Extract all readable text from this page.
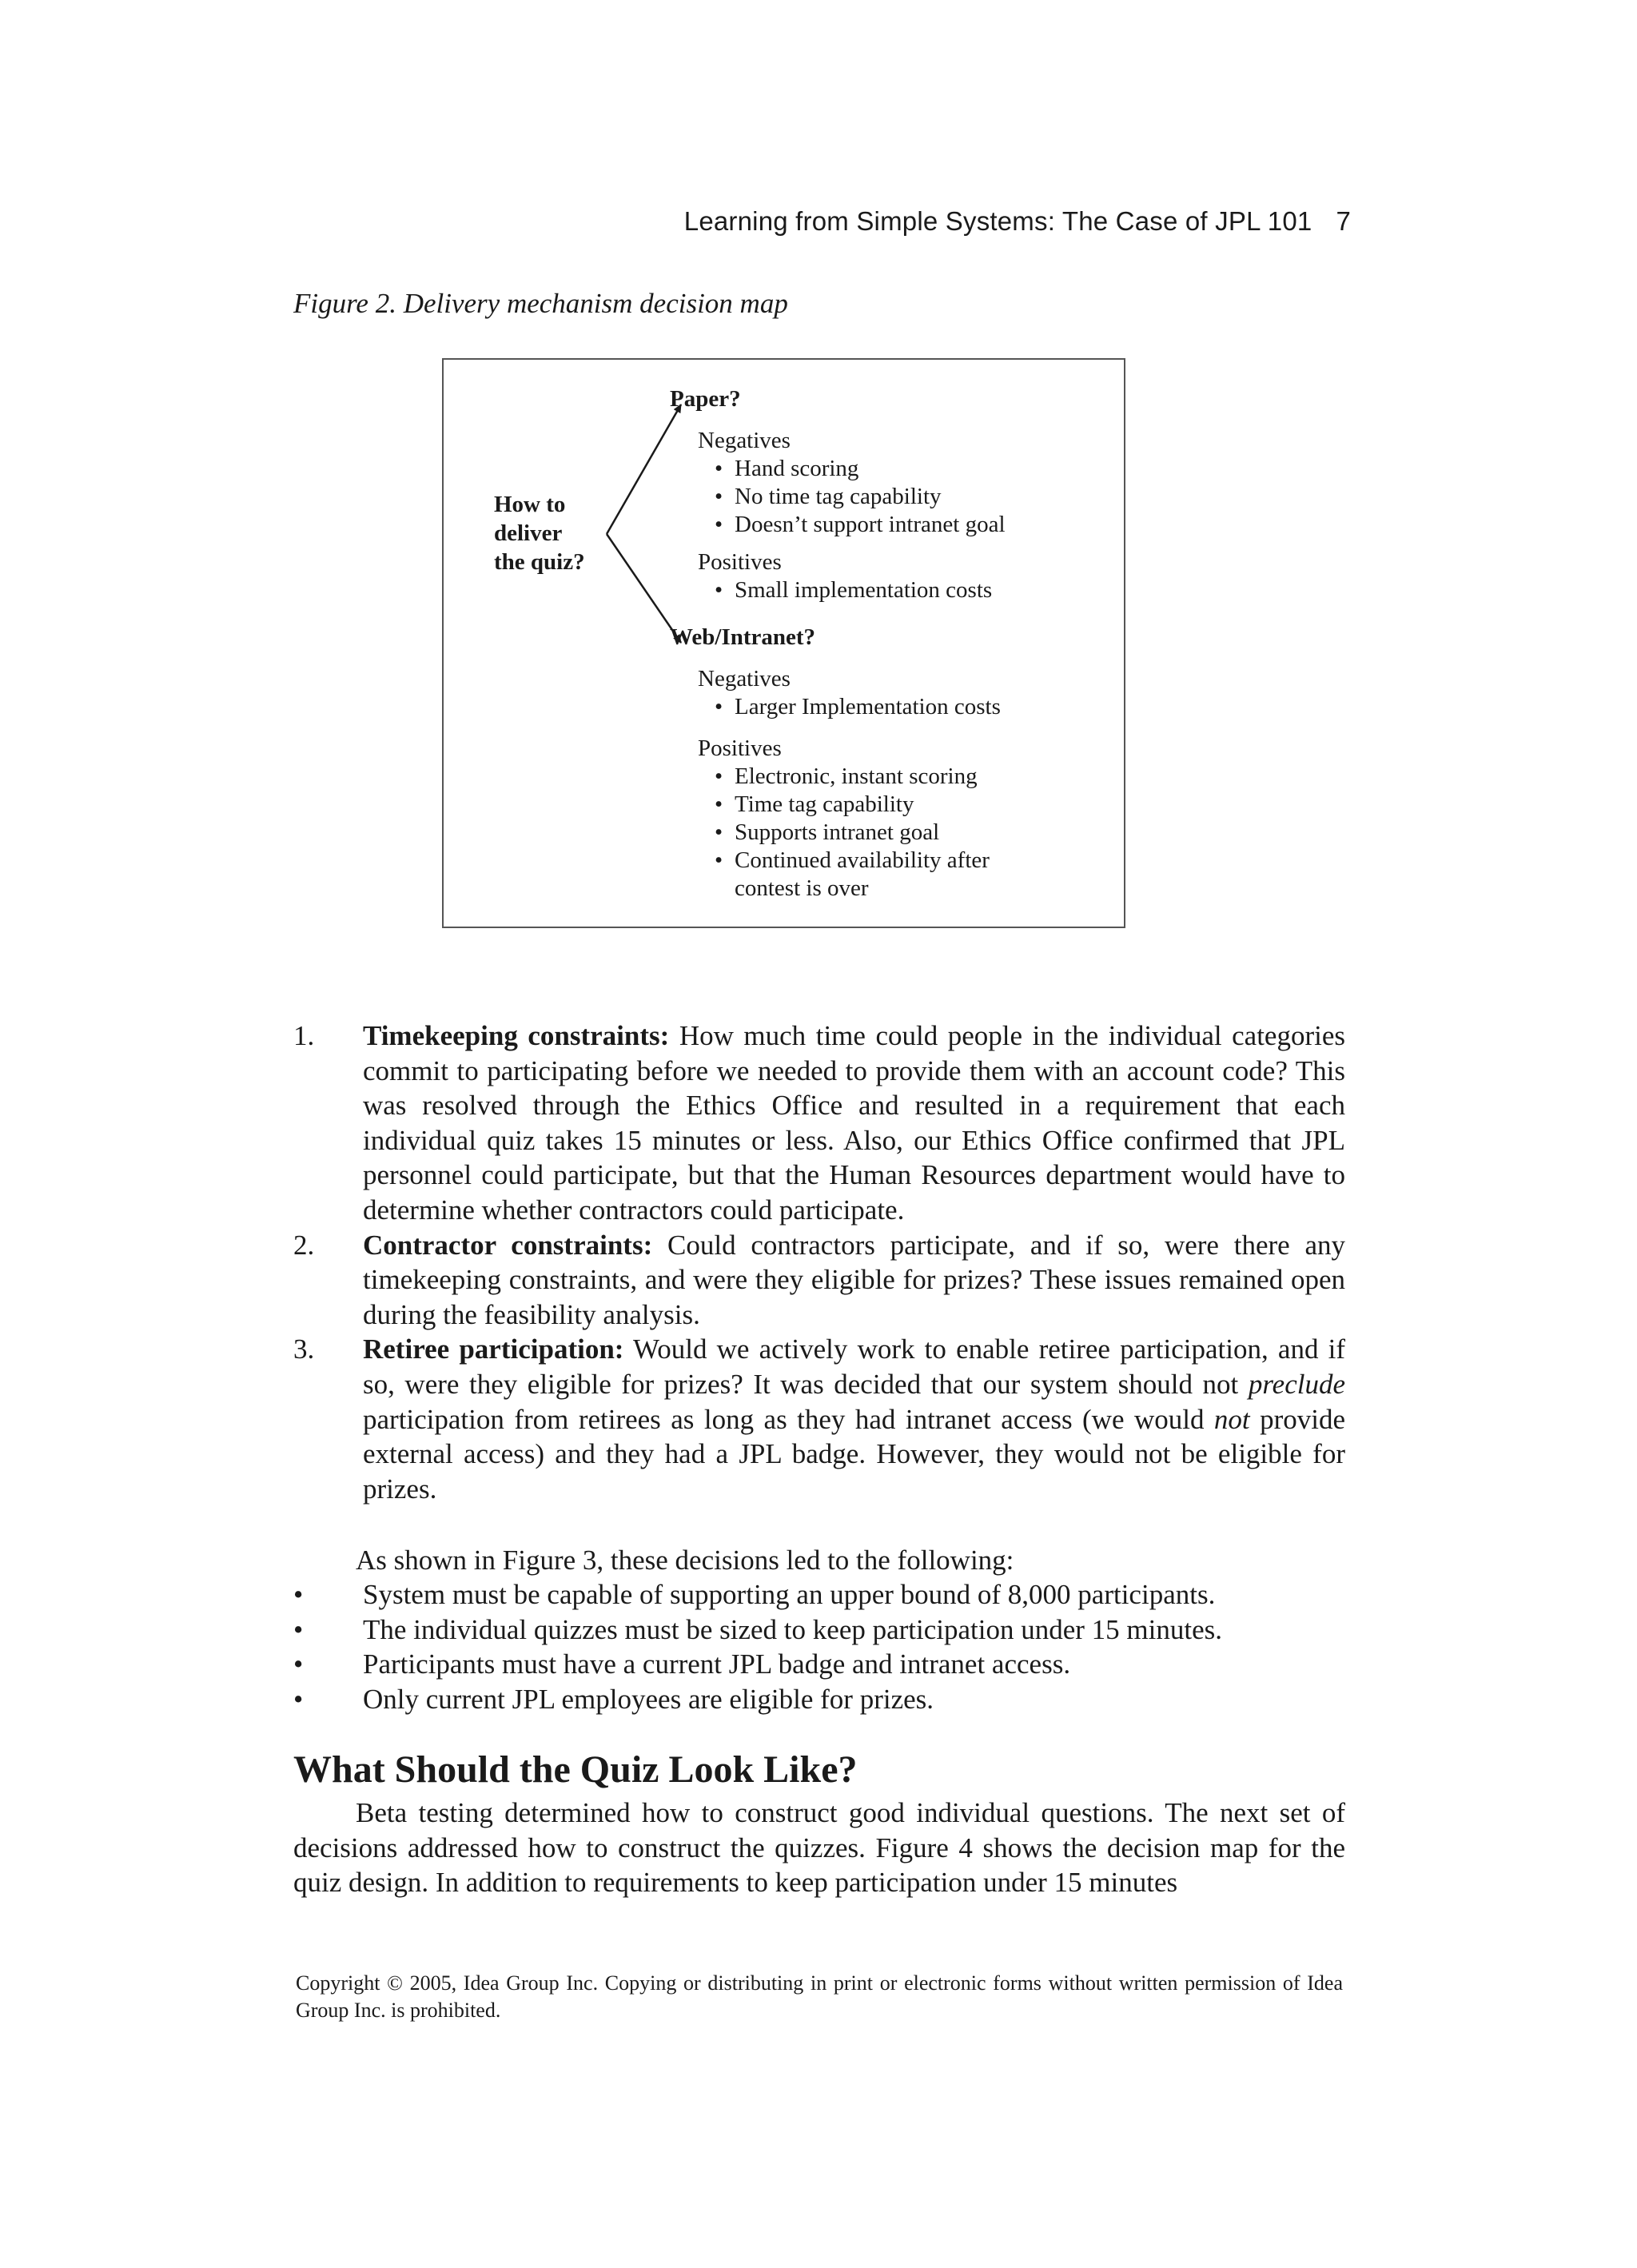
Learning from Simple Systems: The Case of JPL 101 7
Figure 2. Delivery mechanism decision map
How to
deliver
the quiz?
Paper?
Negatives
• Hand scoring
• No time tag capability
• Doesn’t support intranet goal
Positives
• Small implementation costs
Web/Intranet?
Negatives
• Larger Implementation costs
Positives
• Electronic, instant scoring
• Time tag capability
• Supports intranet goal
• Continued availability after
contest is over
1. Timekeeping constraints: How much time could people in the individual categories commit to participating before we needed to provide them with an account code? This was resolved through the Ethics Office and resulted in a requirement that each individual quiz takes 15 minutes or less. Also, our Ethics Office confirmed that JPL personnel could participate, but that the Human Resources department would have to determine whether contractors could participate.
2. Contractor constraints: Could contractors participate, and if so, were there any timekeeping constraints, and were they eligible for prizes? These issues remained open during the feasibility analysis.
3. Retiree participation: Would we actively work to enable retiree participation, and if so, were they eligible for prizes? It was decided that our system should not preclude participation from retirees as long as they had intranet access (we would not provide external access) and they had a JPL badge. However, they would not be eligible for prizes.
As shown in Figure 3, these decisions led to the following:
• System must be capable of supporting an upper bound of 8,000 participants.
• The individual quizzes must be sized to keep participation under 15 minutes.
• Participants must have a current JPL badge and intranet access.
• Only current JPL employees are eligible for prizes.
What Should the Quiz Look Like?

Beta testing determined how to construct good individual questions. The next set of decisions addressed how to construct the quizzes. Figure 4 shows the decision map for the quiz design. In addition to requirements to keep participation under 15 minutes

Copyright © 2005, Idea Group Inc. Copying or distributing in print or electronic forms without written permission of Idea Group Inc. is prohibited.
